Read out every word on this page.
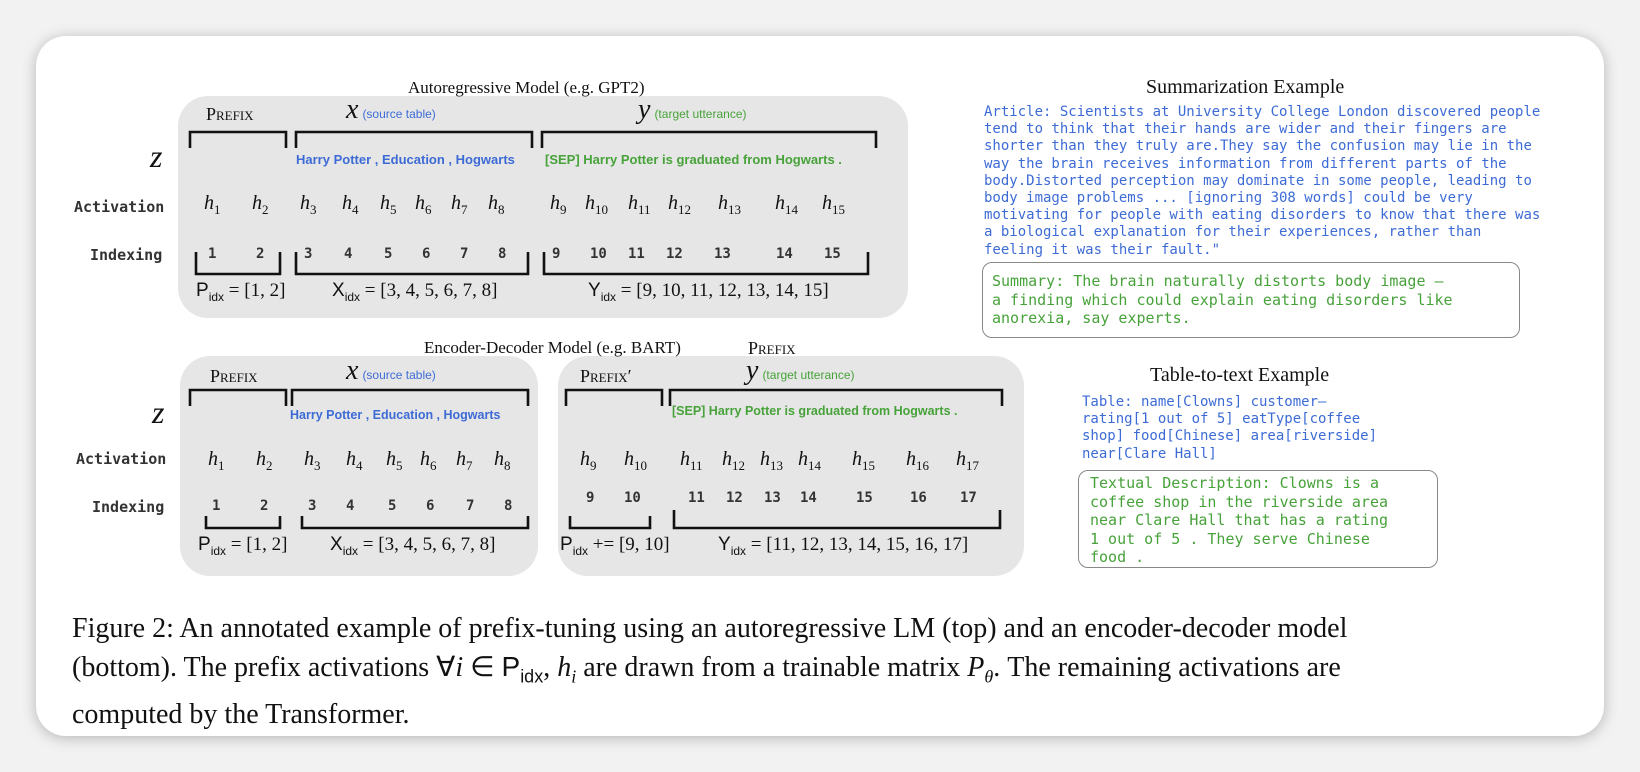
Autoregressive Model (e.g. GPT2)
Prefix	x (source table)	y (target utterance)
z	Harry Potter , Education , Hogwarts [SEP] Harry Potter is graduated from Hogwarts .
Activation
Indexing
$h_1$ $h_2$ $h_3$ $h_4$ $h_5$ $h_6$ $h_7$ $h_8$ $h_9$ $h_{10}$ $h_{11}$ $h_{12}$ $h_{13}$ $h_{14}$ $h_{15}$
1	2	3 4 5 6 7 8	9 10 11 12 13	14 15
$P_{idx} = [1$, 2] $X_{idx} = [3$, 4, 5, 6, 7, 8]	$Y_{idx} = [9$, 10, 11, 12, 13, 14, 15]
Encoder-Decoder Model (e.g. BART)	Prefix
Prefix	x (source table)	Prefix′	y (target utterance)
z	Harry Potter , Education , Hogwarts	[SEP] Harry Potter is graduated from Hogwarts .
Activation
Indexing
$h_1$ $h_2$ $h_3$ $h_4$ $h_5$ $h_6$ $h_7$ $h_8$	$h_9$ $h_{10}$ $h_{11}$ $h_{12}$ $h_{13}$ $h_{14}$ $h_{15}$ $h_{16}$ $h_{17}$
1	2	3 4 5 6 7 8	9 10	11 12 13 14	15	16 17
$P_{idx} = [1$, 2] $X_{idx} = [3$, 4, 5, 6, 7, 8]	$P_{idx} += [9$, 10]	$Y_{idx} = [11$, 12, 13, 14, 15, 16, 17]
Summarization Example
Article: Scientists at University College London discovered people
tend to think that their hands are wider and their fingers are
shorter than they truly are.They say the confusion may lie in the
way the brain receives information from different parts of the
body.Distorted perception may dominate in some people, leading to
body image problems ... [ignoring 308 words] could be very
motivating for people with eating disorders to know that there was
a biological explanation for their experiences, rather than
feeling it was their fault."
Summary: The brain naturally distorts body image –
a finding which could explain eating disorders like
anorexia, say experts.
Table-to-text Example
Table: name[Clowns] customer–
rating[1 out of 5] eatType[coffee
shop] food[Chinese] area[riverside]
near[Clare Hall]
Textual Description: Clowns is a
coffee shop in the riverside area
near Clare Hall that has a rating
1 out of 5 . They serve Chinese
food .
Figure 2: An annotated example of prefix-tuning using an autoregressive LM (top) and an encoder-decoder model
(bottom). The prefix activations ∀i ∈ $P_{idx}$, $h_i$ are drawn from a trainable matrix $P_\theta$. The remaining activations are
computed by the Transformer.
